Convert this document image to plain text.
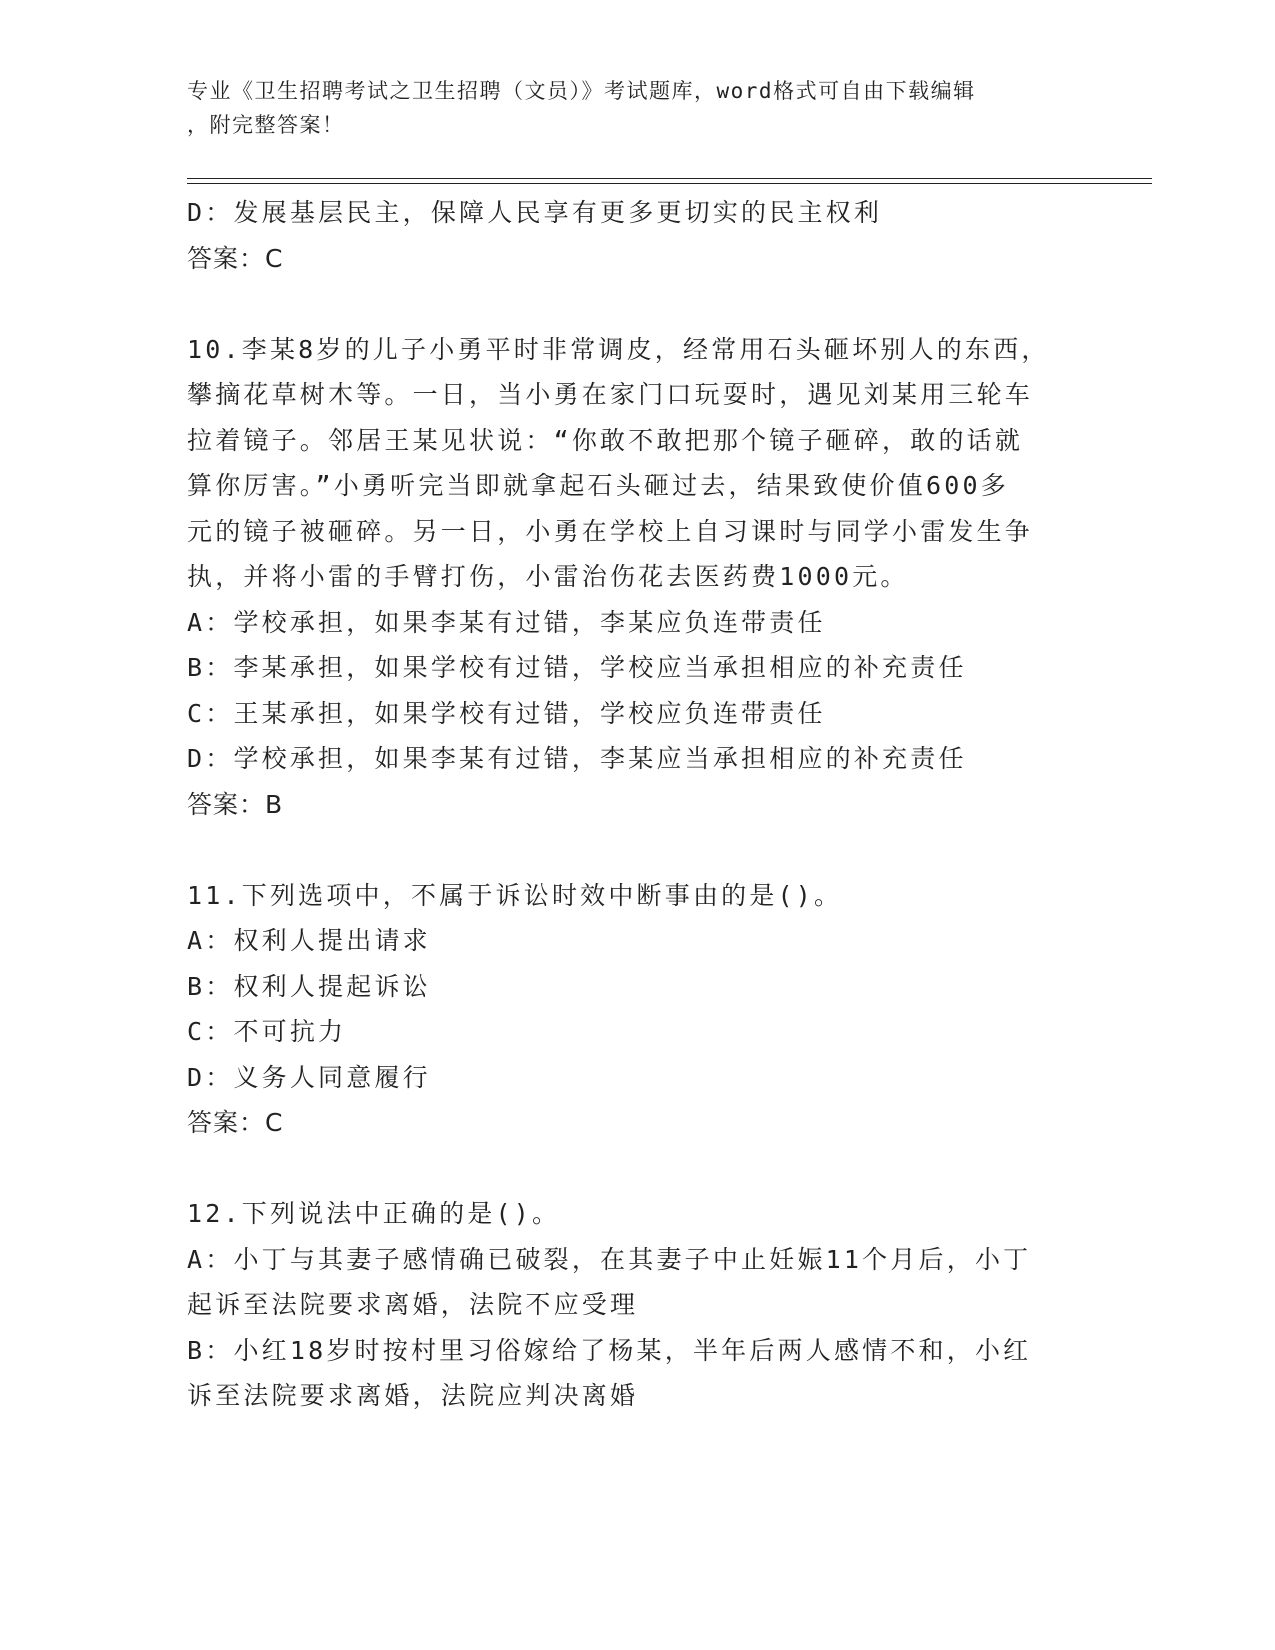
专业《卫生招聘考试之卫生招聘（文员）》考试题库，word格式可自由下载编辑
，附完整答案！
D：发展基层民主，保障人民享有更多更切实的民主权利
答案：C
10.李某8岁的儿子小勇平时非常调皮，经常用石头砸坏别人的东西，
攀摘花草树木等。一日，当小勇在家门口玩耍时，遇见刘某用三轮车
拉着镜子。邻居王某见状说：“你敢不敢把那个镜子砸碎，敢的话就
算你厉害。”小勇听完当即就拿起石头砸过去，结果致使价值600多
元的镜子被砸碎。另一日，小勇在学校上自习课时与同学小雷发生争
执，并将小雷的手臂打伤，小雷治伤花去医药费1000元。
A：学校承担，如果李某有过错，李某应负连带责任
B：李某承担，如果学校有过错，学校应当承担相应的补充责任
C：王某承担，如果学校有过错，学校应负连带责任
D：学校承担，如果李某有过错，李某应当承担相应的补充责任
答案：B
11.下列选项中，不属于诉讼时效中断事由的是()。
A：权利人提出请求
B：权利人提起诉讼
C：不可抗力
D：义务人同意履行
答案：C
12.下列说法中正确的是()。
A：小丁与其妻子感情确已破裂，在其妻子中止妊娠11个月后，小丁
起诉至法院要求离婚，法院不应受理
B：小红18岁时按村里习俗嫁给了杨某，半年后两人感情不和，小红
诉至法院要求离婚，法院应判决离婚
